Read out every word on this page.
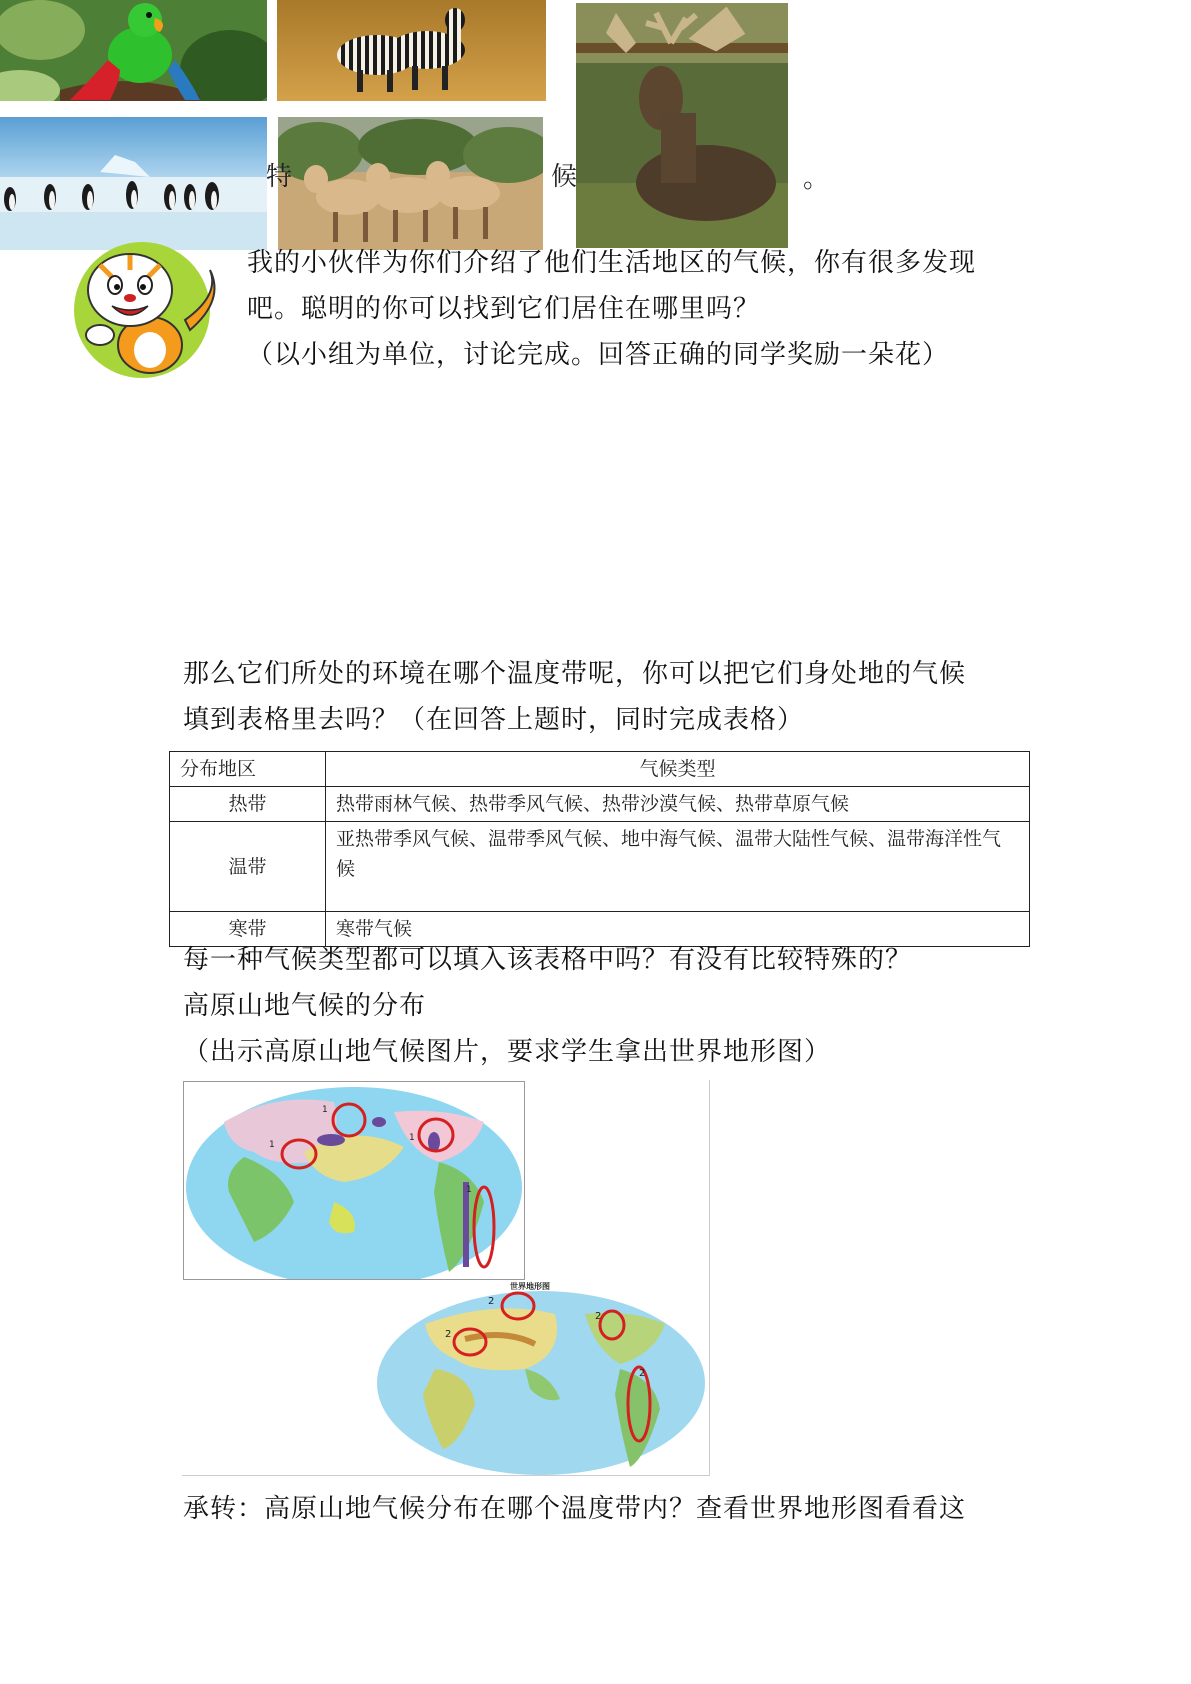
特	候	。
我的小伙伴为你们介绍了他们生活地区的气候，你有很多发现
吧。聪明的你可以找到它们居住在哪里吗？
（以小组为单位，讨论完成。回答正确的同学奖励一朵花）
那么它们所处的环境在哪个温度带呢，你可以把它们身处地的气候
填到表格里去吗？（在回答上题时，同时完成表格）
分布地区	气候类型
热带	热带雨林气候、热带季风气候、热带沙漠气候、热带草原气候
温带	亚热带季风气候、温带季风气候、地中海气候、温带大陆性气候、温带海洋性气候
寒带	寒带气候
每一种气候类型都可以填入该表格中吗？有没有比较特殊的？
高原山地气候的分布
（出示高原山地气候图片，要求学生拿出世界地形图）
1
1
1
1
世界地形图
2
2
2
2
承转：高原山地气候分布在哪个温度带内？查看世界地形图看看这
